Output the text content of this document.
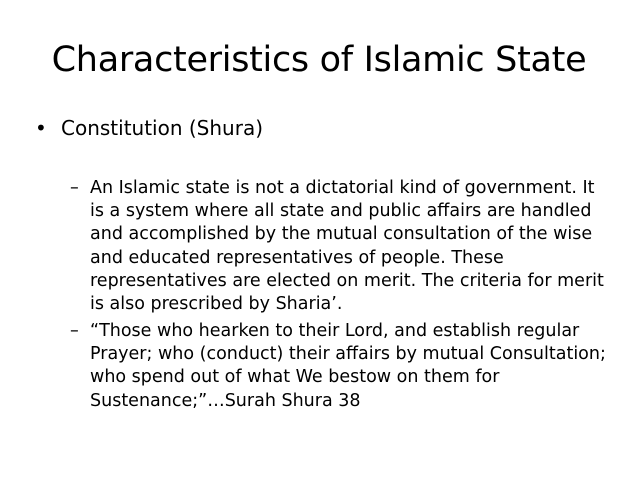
Characteristics of Islamic State
• Constitution (Shura)
– An Islamic state is not a dictatorial kind of government. It
is a system where all state and public affairs are handled
and accomplished by the mutual consultation of the wise
and educated representatives of people. These
representatives are elected on merit. The criteria for merit
is also prescribed by Sharia’.
– “Those who hearken to their Lord, and establish regular
Prayer; who (conduct) their affairs by mutual Consultation;
who spend out of what We bestow on them for
Sustenance;”…Surah Shura 38
